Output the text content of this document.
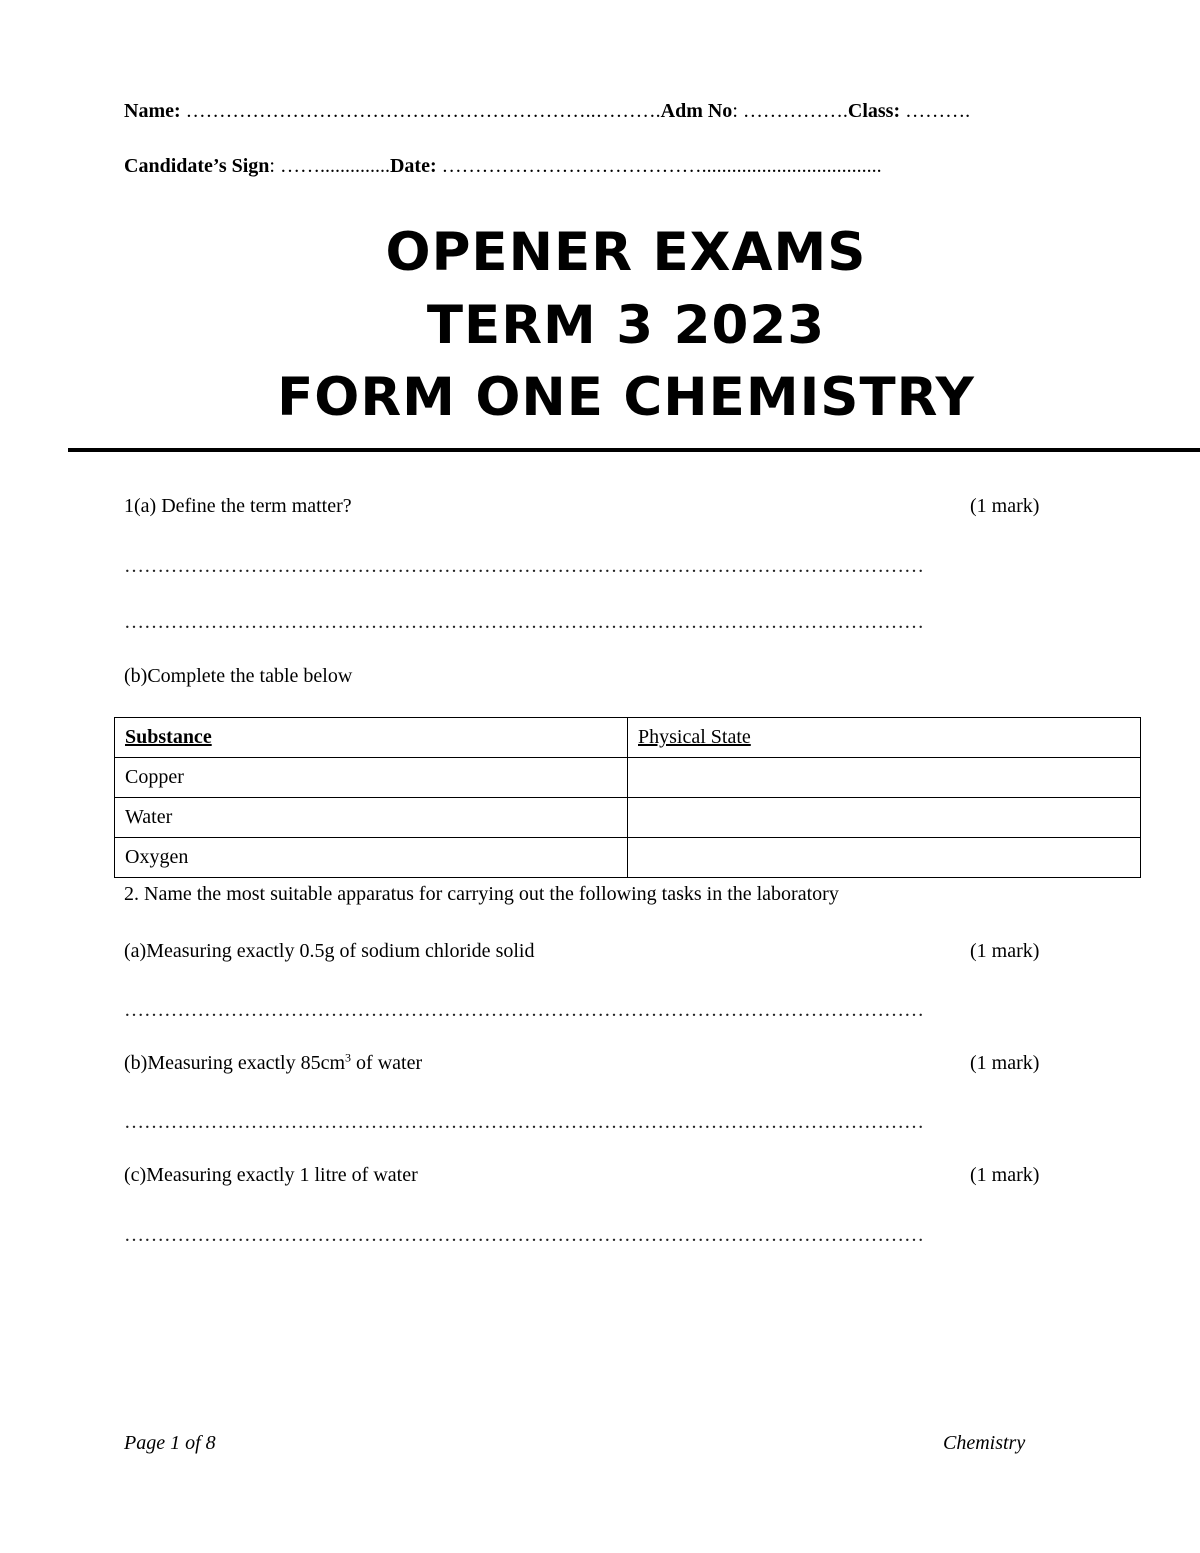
Name: ……………………………………………………..……….Adm No: …………….Class: ……….
Candidate’s Sign: ……..............Date: …………………………………....................................
OPENER EXAMS
TERM 3 2023
FORM ONE CHEMISTRY
1(a) Define the term matter?	(1 mark)
…………………………………………………………………………………………………………
…………………………………………………………………………………………………………
(b)Complete the table below
Substance	Physical State
Copper	
Water	
Oxygen	
2. Name the most suitable apparatus for carrying out the following tasks in the laboratory
(a)Measuring exactly 0.5g of sodium chloride solid	(1 mark)
…………………………………………………………………………………………………………
(b)Measuring exactly $85cm^3$ of water	(1 mark)
…………………………………………………………………………………………………………
(c)Measuring exactly 1 litre of water	(1 mark)
…………………………………………………………………………………………………………
Page 1 of 8	Chemistry
